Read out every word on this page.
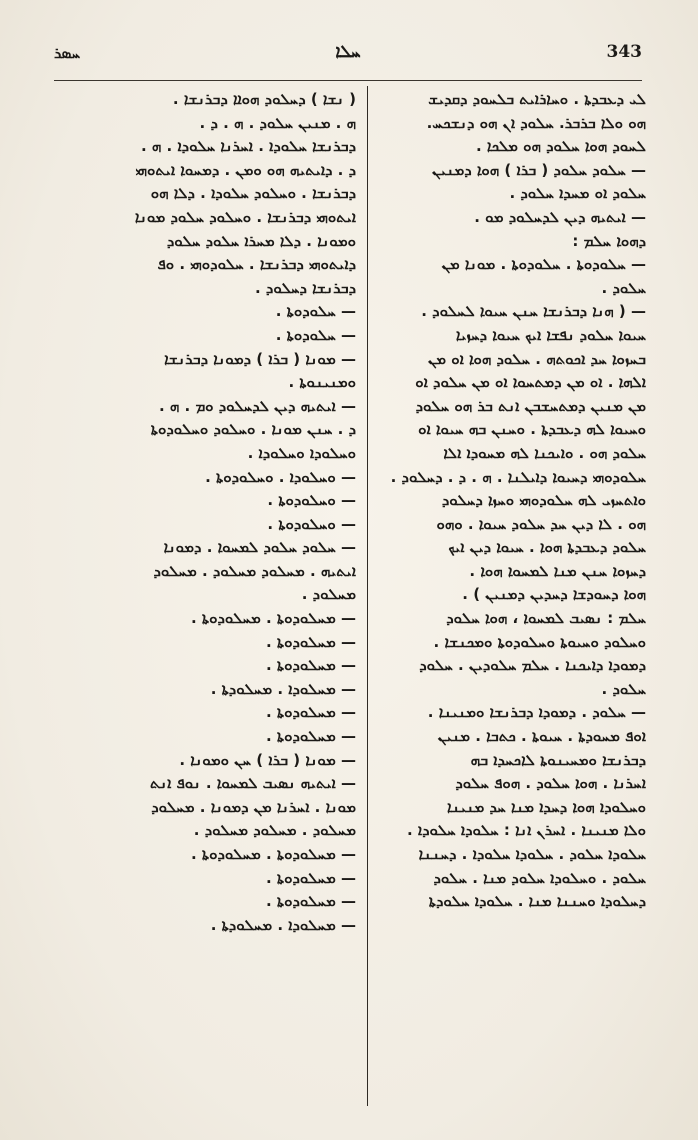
ܚܣܪ	ܚܠܐ	343

ܠܝ ܕܥܒܕܬܐ . ܘܚܐܪܐܝܬ ܒܠܚܘܕ ܕܩܕܝܫ

ܗܘ ܘܠܐ ܒܪܒܪ. ܚܠܘܕ ܐܢ ܗܘ ܕܢܫܟܚ.

ܠܚܘܕ ܗܘܐ ܚܠܘܕ ܗܘ ܡܠܟܐ .

— ܚܠܘܕ ܚܠܘܕ ( ܒܪܐ ) ܗܘܐ ܕܡܢܝܢ

ܚܠܘܕ ܐܘ ܡܚܕܐ ܚܠܘܕ .

— ܐܝܬܝܗ ܕܝܢ ܠܕܚܠܘܕ ܡܘ .

ܕܗܘܐ ܚܠܡ :

— ܚܠܘܕܘܬܐ . ܚܠܘܕܘܬܐ . ܡܘܢܐ ܡܢ

ܚܠܘܕ .

— ( ܗܢܐ ܕܒܪܢܫܐ ܚܢܢ ܚܝܘܐ ܠܚܠܘܕ .

ܚܝܘܐ ܚܠܘܕ ܢܦܫܐ ܐܝܟ ܚܝܘܐ ܕܚܙܝܐ

ܒܚܙܘܐ ܚܕ ܐܟܘܬܗ . ܚܠܘܕ ܗܘܐ ܐܘ ܡܢ

ܐܠܗܐ . ܐܘ ܡܢ ܕܡܬܚܘܐ ܐܘ ܡܢ ܚܠܘܕ ܐܘ

ܡܢ ܡܢܝܢ ܕܡܬܚܫܒܢ ܐܢܬ ܒܪ ܗܘ ܚܠܘܕ

ܘܚܝܘܐ ܠܗ ܕܥܒܕܬܐ . ܘܚܢܢ ܒܗ ܚܝܘܐ ܐܘ

ܚܠܘܕ ܗܘ . ܘܐܝܟܢܐ ܠܗ ܡܚܘܕܐ ܐܠܐ

ܚܠܘܕܘܗܝ ܕܚܝܘܐ ܕܐܝܠܢܐ . ܗ . ܕ . ܕܚܠܘܕ .

ܘܐܬܚܙܝ ܠܗ ܚܠܘܕܘܗܝ ܘܚܙܐ ܕܚܠܘܕ

ܗܘ . ܠܐ ܕܝܢ ܚܕ ܚܠܘܕ ܚܝܘܐ . ܘܗܘ

ܚܠܘܕ ܕܥܒܕܬܐ ܗܘܐ . ܚܝܘܐ ܕܝܢ ܐܝܟ

ܕܚܙܘܐ ܚܢܢ ܡܢܐ ܠܡܚܘܐ ܗܘܐ .

ܗܘܐ ܕܚܘܕܫܐ ܕܚܕܝܢ ܕܡܢܝܢ ) .

ܚܠܡ : ܢܣܝܒ ܠܡܚܘܐ ، ܗܘܐ ܚܠܘܕ

ܘܚܠܘܕ ܘܚܝܘܬܐ ܘܚܠܘܕܘܬܐ ܘܡܟܢܫܐ .

ܕܡܘܕܐ ܕܐܝܟܢܐ . ܚܠܡ ܚܠܘܕܝܢ . ܚܠܘܕ

ܚܠܘܕ .

— ܚܠܘܕ . ܕܡܘܕܐ ܕܒܪܢܫܐ ܘܡܢܝܢܐ .

ܐܘܦ ܡܚܘܕܬܐ . ܚܝܘܬܐ . ܟܬܒܐ . ܡܢܝܢ

ܕܒܪܢܫܐ ܘܡܚܝܢܘܬܐ ܠܐܟܚܕܐ ܒܗ

ܐܚܪܢܐ . ܗܘܐ ܚܠܘܕ . ܗܘܦ ܚܠܘܕ

ܘܚܠܘܕܐ ܗܘܐ ܕܚܕܐ ܡܢܐ ܚܕ ܡܢܝܢܐ

ܘܠܐ ܡܢܝܢܐ . ܐܚܪܢ ܐܢܐ : ܚܠܘܕܐ ܚܠܘܕܐ .

ܚܠܘܕܐ ܚܠܘܕ . ܚܠܘܕܐ ܚܠܘܕܐ . ܕܚܢܢܐ

ܚܠܘܕ . ܘܚܠܘܕܐ ܚܠܘܕ ܡܢܐ . ܚܠܘܕ

ܕܚܠܘܕܐ ܘܚܢܢܐ ܡܢܐ . ܚܠܘܕܐ ܚܠܘܕܬܐ

( ܢܫܐ ) ܕܚܠܘܕ ܗܘܐܐ ܕܒܪܢܫܐ .

ܗ . ܡܢܝܢ ܚܠܘܕ . ܗ . ܕ .

ܕܒܪܢܫܐ ܚܠܘܕܐ . ܐܚܪܢܐ ܚܠܘܕܐ . ܗ .

ܕ . ܕܐܝܬܝܗ ܗܘ ܘܡܢ . ܕܡܚܘܐ ܐܝܬܘܗܝ

ܕܒܪܢܫܐ . ܘܚܠܘܕ ܚܠܘܕܐ . ܕܠܐ ܗܘ

ܐܝܬܘܗܝ ܕܒܪܢܫܐ . ܘܚܠܘܕ ܚܠܘܕ ܡܘܢܐ

ܘܡܘܢܐ . ܕܠܐ ܡܚܪܐ ܚܠܘܕ ܚܠܘܕ

ܕܐܝܬܘܗܝ ܕܒܪܢܫܐ . ܚܠܘܕܘܗܝ . ܘܦ

ܕܒܪܢܫܐ ܕܚܠܘܕ .

— ܚܠܘܕܘܬܐ .

— ܚܠܘܕܘܬܐ .

— ܡܘܢܐ ( ܒܪܐ ) ܕܡܘܢܐ ܕܒܪܢܫܐ

ܘܡܢܝܢܘܬܐ .

— ܐܝܬܝܗ ܕܝܢ ܠܕܚܠܘܕ ܘܡ . ܗ .

ܕ . ܚܢܢ ܡܘܢܐ . ܘܚܠܘܕ ܘܚܠܘܕܘܬܐ

ܘܚܠܘܕܐ ܘܚܠܘܕܐ .

— ܘܚܠܘܕܐ . ܘܚܠܘܕܘܬܐ .

— ܘܚܠܘܕܘܬܐ .

— ܘܚܠܘܕܘܬܐ .

— ܚܠܘܕ ܚܠܘܕ ܠܡܚܘܐ . ܕܡܘܢܐ

ܐܝܬܝܗ . ܡܚܠܘܕ ܡܚܠܘܕ . ܡܚܠܘܕ

ܡܚܠܘܕ .

— ܡܚܠܘܕܘܬܐ . ܡܚܠܘܕܘܬܐ .

— ܡܚܠܘܕܘܬܐ .

— ܡܚܠܘܕܘܬܐ .

— ܡܚܠܘܕܐ . ܡܚܠܘܕܬܐ .

— ܡܚܠܘܕܘܬܐ .

— ܡܚܠܘܕܘܬܐ .

— ܡܘܢܐ ( ܒܪܐ ) ܚܢ ܘܡܘܢܐ .

— ܐܝܬܝܗ ܢܣܝܒ ܠܡܚܘܐ . ܢܘܦ ܐܢܬ

ܡܘܢܐ . ܐܚܪܢܐ ܡܢ ܕܡܘܢܐ . ܡܚܠܘܕ

ܡܚܠܘܕ . ܡܚܠܘܕ ܡܚܠܘܕ .

— ܡܚܠܘܕܘܬܐ . ܡܚܠܘܕܘܬܐ .

— ܡܚܠܘܕܘܬܐ .

— ܡܚܠܘܕܘܬܐ .

— ܡܚܠܘܕܐ . ܡܚܠܘܕܬܐ .
